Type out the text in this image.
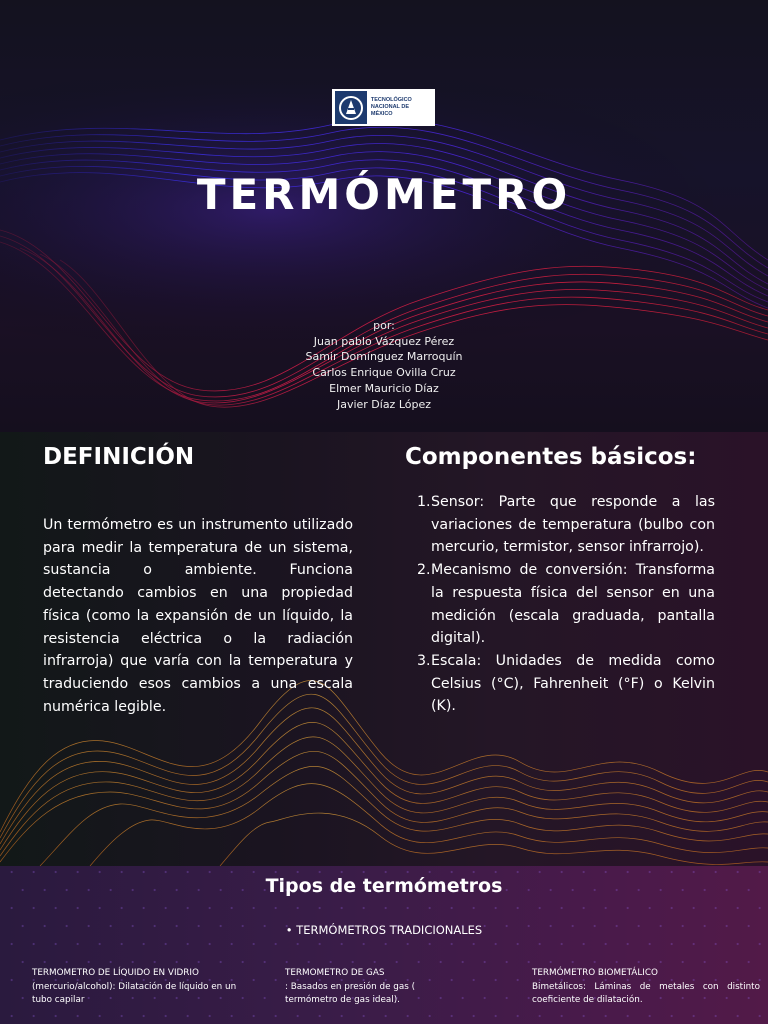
TECNOLÓGICO
NACIONAL DE MÉXICO
TERMÓMETRO
por:
Juan pablo Vázquez Pérez
Samir Domínguez Marroquín
Carlos Enrique Ovilla Cruz
Elmer Mauricio Díaz
Javier Díaz López
DEFINICIÓN

Un termómetro es un instrumento utilizado para medir la temperatura de un sistema, sustancia o ambiente. Funciona detectando cambios en una propiedad física (como la expansión de un líquido, la resistencia eléctrica o la radiación infrarroja) que varía con la temperatura y traduciendo esos cambios a una escala numérica legible.

Componentes básicos:
1. Sensor: Parte que responde a las variaciones de temperatura (bulbo con mercurio, termistor, sensor infrarrojo).
2. Mecanismo de conversión: Transforma la respuesta física del sensor en una medición (escala graduada, pantalla digital).
3. Escala: Unidades de medida como Celsius (°C), Fahrenheit (°F) o Kelvin (K).
Tipos de termómetros
• TERMÓMETROS TRADICIONALES
TERMOMETRO DE LÍQUIDO EN VIDRIO
(mercurio/alcohol): Dilatación de líquido en un tubo capilar
TERMOMETRO DE GAS
: Basados en presión de gas ( termómetro de gas ideal).
TERMÓMETRO BIOMETÁLICO
Bimetálicos: Láminas de metales con distinto coeficiente de dilatación.
